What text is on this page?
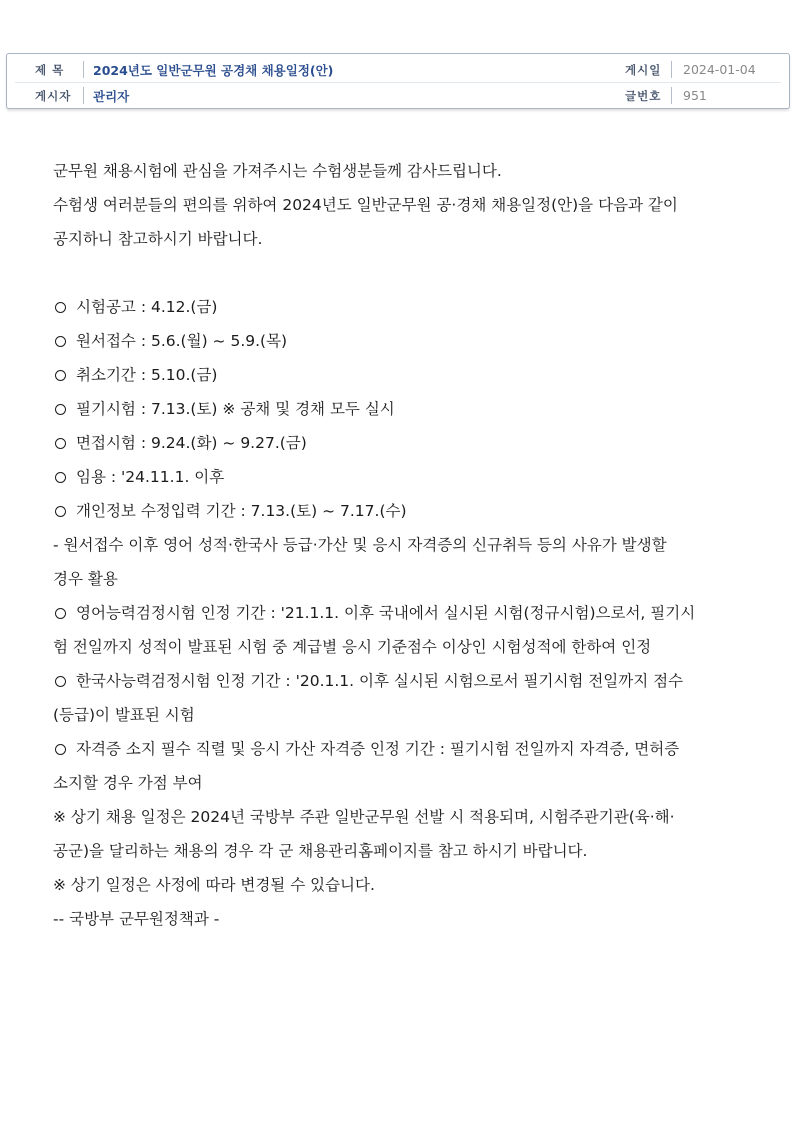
제 목 2024년도 일반군무원 공경채 채용일정(안)	게시일 2024-01-04
게시자 관리자	글번호 951

군무원 채용시험에 관심을 가져주시는 수험생분들께 감사드립니다.

수험생 여러분들의 편의를 위하여 2024년도 일반군무원 공·경채 채용일정(안)을 다음과 같이

공지하니 참고하시기 바랍니다.

시험공고 : 4.12.(금)

원서접수 : 5.6.(월) ~ 5.9.(목)

취소기간 : 5.10.(금)

필기시험 : 7.13.(토) ※ 공채 및 경채 모두 실시

면접시험 : 9.24.(화) ~ 9.27.(금)

임용 : '24.11.1. 이후

개인정보 수정입력 기간 : 7.13.(토) ~ 7.17.(수)

- 원서접수 이후 영어 성적·한국사 등급·가산 및 응시 자격증의 신규취득 등의 사유가 발생할

경우 활용

영어능력검정시험 인정 기간 : '21.1.1. 이후 국내에서 실시된 시험(정규시험)으로서, 필기시

험 전일까지 성적이 발표된 시험 중 계급별 응시 기준점수 이상인 시험성적에 한하여 인정

한국사능력검정시험 인정 기간 : '20.1.1. 이후 실시된 시험으로서 필기시험 전일까지 점수

(등급)이 발표된 시험

자격증 소지 필수 직렬 및 응시 가산 자격증 인정 기간 : 필기시험 전일까지 자격증, 면허증

소지할 경우 가점 부여

※ 상기 채용 일정은 2024년 국방부 주관 일반군무원 선발 시 적용되며, 시험주관기관(육·해·

공군)을 달리하는 채용의 경우 각 군 채용관리홈페이지를 참고 하시기 바랍니다.

※ 상기 일정은 사정에 따라 변경될 수 있습니다.

-- 국방부 군무원정책과 -
